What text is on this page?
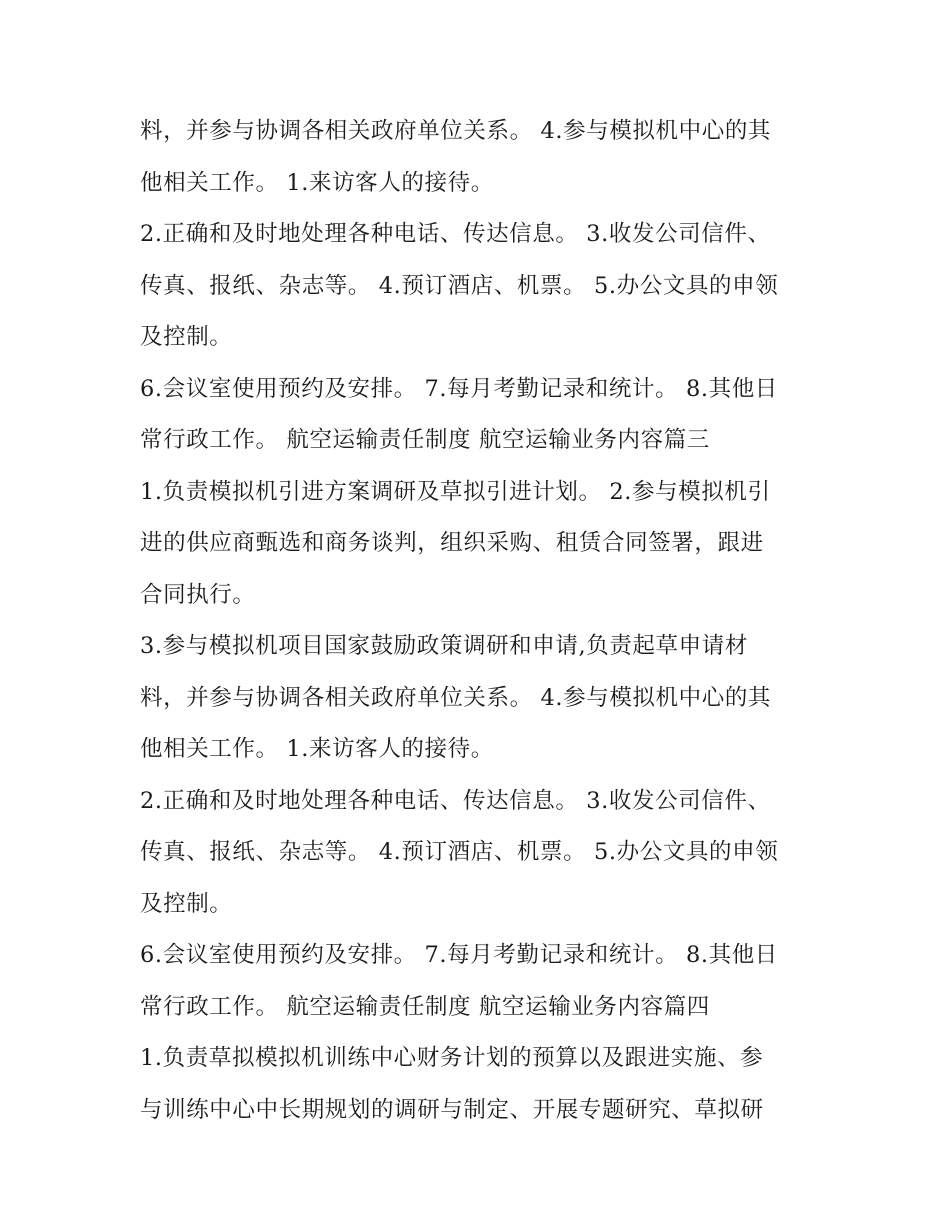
料，并参与协调各相关政府单位关系。 4.参与模拟机中心的其
他相关工作。 1.来访客人的接待。
2.正确和及时地处理各种电话、传达信息。 3.收发公司信件、
传真、报纸、杂志等。 4.预订酒店、机票。 5.办公文具的申领
及控制。
6.会议室使用预约及安排。 7.每月考勤记录和统计。 8.其他日
常行政工作。 航空运输责任制度 航空运输业务内容篇三
1.负责模拟机引进方案调研及草拟引进计划。 2.参与模拟机引
进的供应商甄选和商务谈判，组织采购、租赁合同签署，跟进
合同执行。
3.参与模拟机项目国家鼓励政策调研和申请,负责起草申请材
料，并参与协调各相关政府单位关系。 4.参与模拟机中心的其
他相关工作。 1.来访客人的接待。
2.正确和及时地处理各种电话、传达信息。 3.收发公司信件、
传真、报纸、杂志等。 4.预订酒店、机票。 5.办公文具的申领
及控制。
6.会议室使用预约及安排。 7.每月考勤记录和统计。 8.其他日
常行政工作。 航空运输责任制度 航空运输业务内容篇四
1.负责草拟模拟机训练中心财务计划的预算以及跟进实施、参
与训练中心中长期规划的调研与制定、开展专题研究、草拟研
